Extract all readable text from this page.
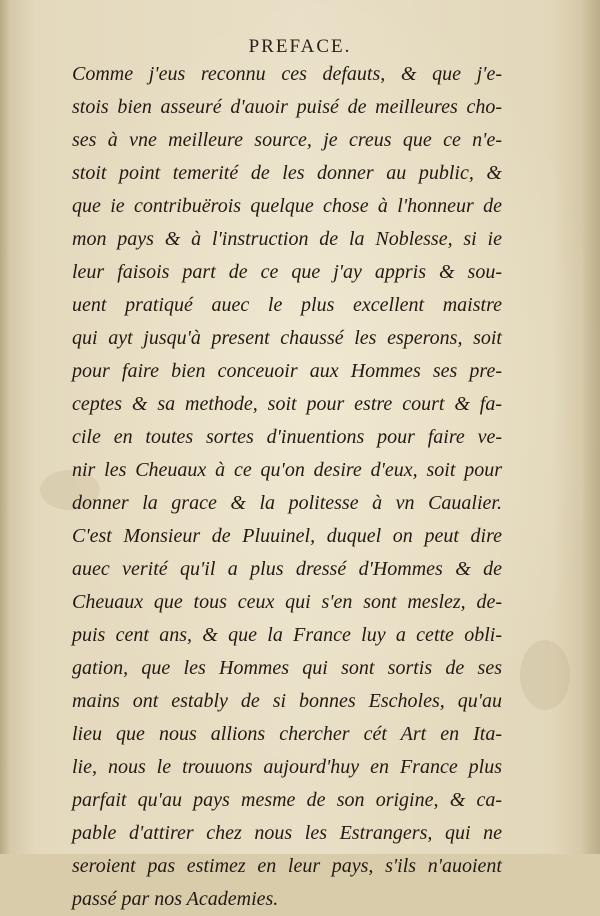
PREFACE.
Comme j'eus reconnu ces defauts, & que j'e-
stois bien asseuré d'auoir puisé de meilleures cho-
ses à vne meilleure source, je creus que ce n'e-
stoit point temerité de les donner au public, &
que ie contribuërois quelque chose à l'honneur de
mon pays & à l'instruction de la Noblesse, si ie
leur faisois part de ce que j'ay appris & sou-
uent pratiqué auec le plus excellent maistre
qui ayt jusqu'à present chaussé les esperons, soit
pour faire bien conceuoir aux Hommes ses pre-
ceptes & sa methode, soit pour estre court & fa-
cile en toutes sortes d'inuentions pour faire ve-
nir les Cheuaux à ce qu'on desire d'eux, soit pour
donner la grace & la politesse à vn Caualier.
C'est Monsieur de Pluuinel, duquel on peut dire
auec verité qu'il a plus dressé d'Hommes & de
Cheuaux que tous ceux qui s'en sont meslez, de-
puis cent ans, & que la France luy a cette obli-
gation, que les Hommes qui sont sortis de ses
mains ont estably de si bonnes Escholes, qu'au
lieu que nous allions chercher cét Art en Ita-
lie, nous le trouuons aujourd'huy en France plus
parfait qu'au pays mesme de son origine, & ca-
pable d'attirer chez nous les Estrangers, qui ne
seroient pas estimez en leur pays, s'ils n'auoient
passé par nos Academies.
